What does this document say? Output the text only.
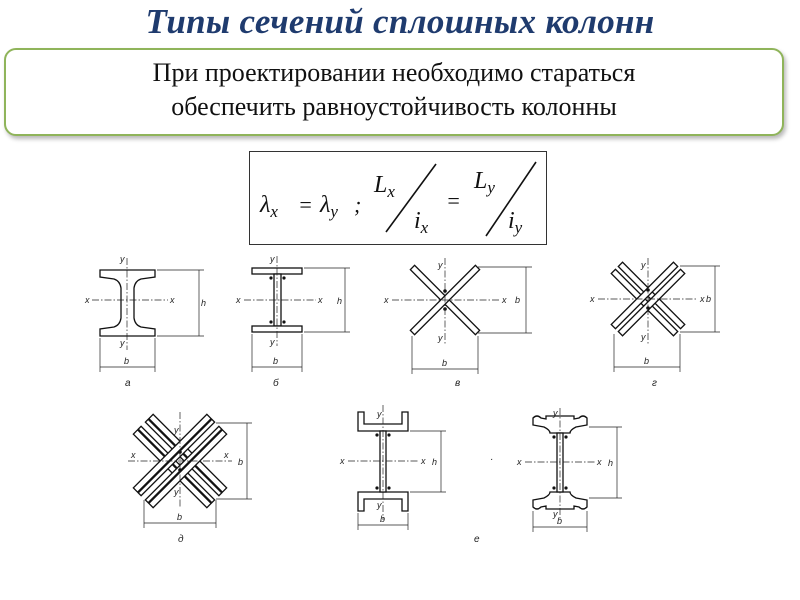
Типы сечений сплошных колонн
При проектировании необходимо стараться
обеспечить равноустойчивость колонны
$\lambda_x = \lambda_y$ ;
$L_x$
$i_x$
=
$L_y$
$i_y$
x	x
y
y
h
b
а
x	x
y
y
h
b
б
x	x
y
y
b
b
в
x	x
y
y
b
b
г
x	x
y
y
b
b
д
x	x
y
y
h
b
е
·	x	x
y
y
h
b
